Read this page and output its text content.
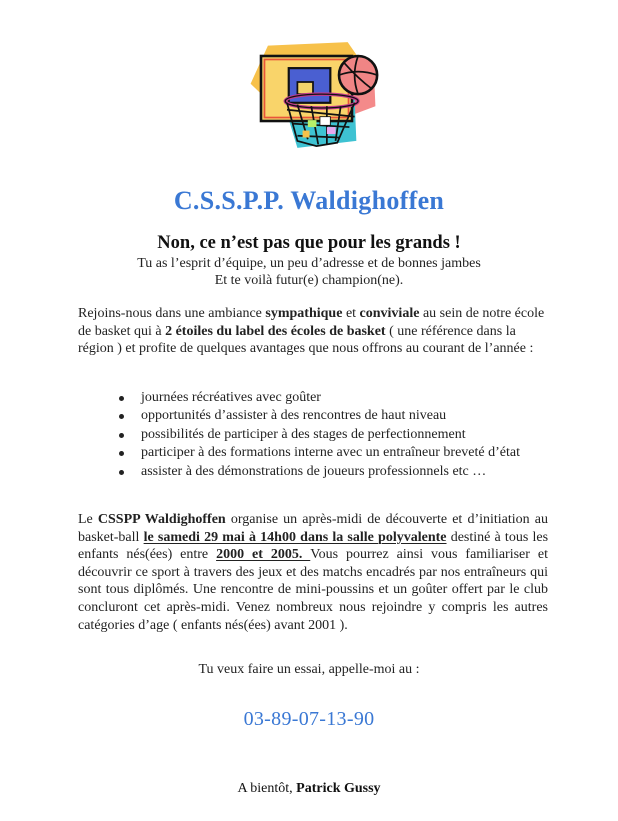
C.S.S.P.P. Waldighoffen
Non, ce n’est pas que pour les grands !
Tu as l’esprit d’équipe, un peu d’adresse et de bonnes jambes
Et te voilà futur(e) champion(ne).
Rejoins-nous dans une ambiance sympathique et conviviale au sein de notre école de basket qui à 2 étoiles du label des écoles de basket ( une référence dans la région ) et profite de quelques avantages que nous offrons au courant de l’année :
journées récréatives avec goûter
opportunités d’assister à des rencontres de haut niveau
possibilités de participer à des stages de perfectionnement
participer à des formations interne avec un entraîneur breveté d’état
assister à des démonstrations de joueurs professionnels etc …
Le CSSPP Waldighoffen organise un après-midi de découverte et d’initiation au basket-ball le samedi 29 mai à 14h00 dans la salle polyvalente destiné à tous les enfants nés(ées) entre 2000 et 2005. Vous pourrez ainsi vous familiariser et découvrir ce sport à travers des jeux et des matchs encadrés par nos entraîneurs qui sont tous diplômés. Une rencontre de mini-poussins et un goûter offert par le club concluront cet après-midi. Venez nombreux nous rejoindre y compris les autres catégories d’age ( enfants nés(ées) avant 2001 ).
Tu veux faire un essai, appelle-moi au :
03-89-07-13-90
A bientôt, Patrick Gussy
